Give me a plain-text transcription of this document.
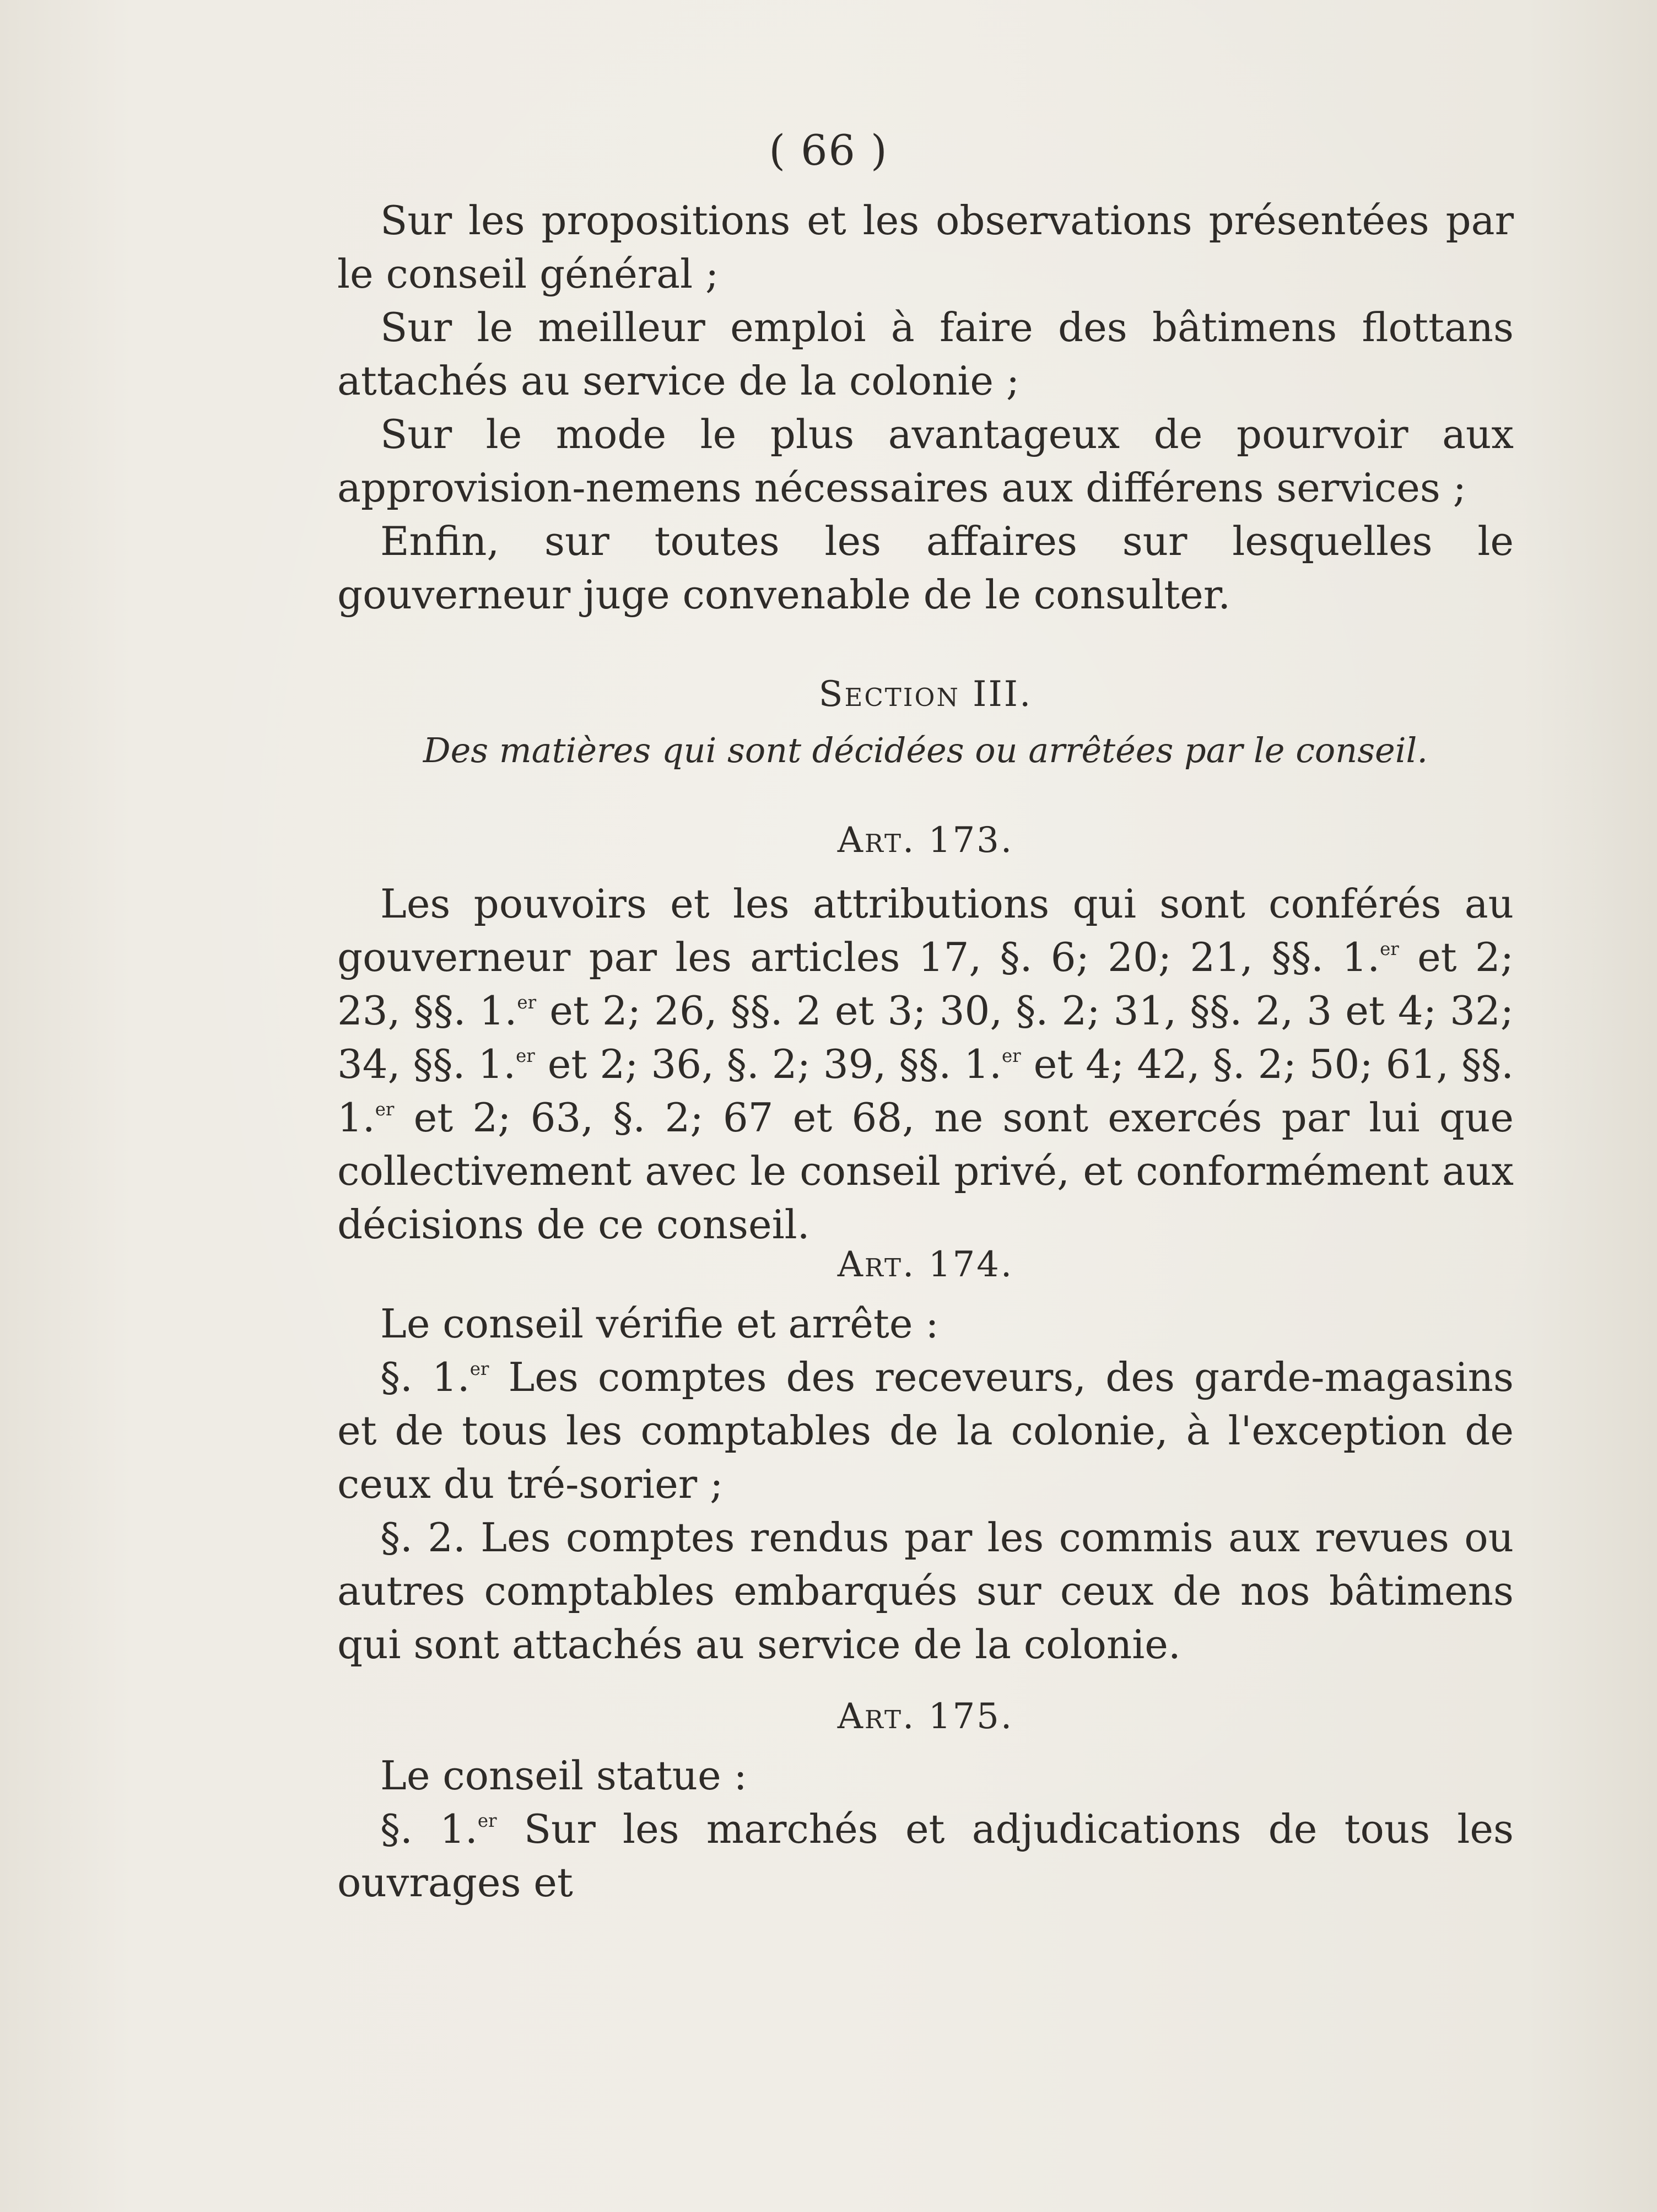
( 66 )

Sur les propositions et les observations présentées par le conseil général ;

Sur le meilleur emploi à faire des bâtimens flottans attachés au service de la colonie ;

Sur le mode le plus avantageux de pourvoir aux approvision-nemens nécessaires aux différens services ;

Enfin, sur toutes les affaires sur lesquelles le gouverneur juge convenable de le consulter.

Section III.
Des matières qui sont décidées ou arrêtées par le conseil.
Art. 173.

Les pouvoirs et les attributions qui sont conférés au gouverneur par les articles 17, §. 6; 20; 21, §§. 1.$^{er}$ et 2; 23, §§. 1.$^{er}$ et 2; 26, §§. 2 et 3; 30, §. 2; 31, §§. 2, 3 et 4; 32; 34, §§. 1.$^{er}$ et 2; 36, §. 2; 39, §§. 1.$^{er}$ et 4; 42, §. 2; 50; 61, §§. 1.$^{er}$ et 2; 63, §. 2; 67 et 68, ne sont exercés par lui que collectivement avec le conseil privé, et conformément aux décisions de ce conseil.

Art. 174.

Le conseil vérifie et arrête :

§. 1.$^{er}$ Les comptes des receveurs, des garde-magasins et de tous les comptables de la colonie, à l'exception de ceux du tré-sorier ;

§. 2. Les comptes rendus par les commis aux revues ou autres comptables embarqués sur ceux de nos bâtimens qui sont attachés au service de la colonie.

Art. 175.

Le conseil statue :

§. 1.$^{er}$ Sur les marchés et adjudications de tous les ouvrages et
